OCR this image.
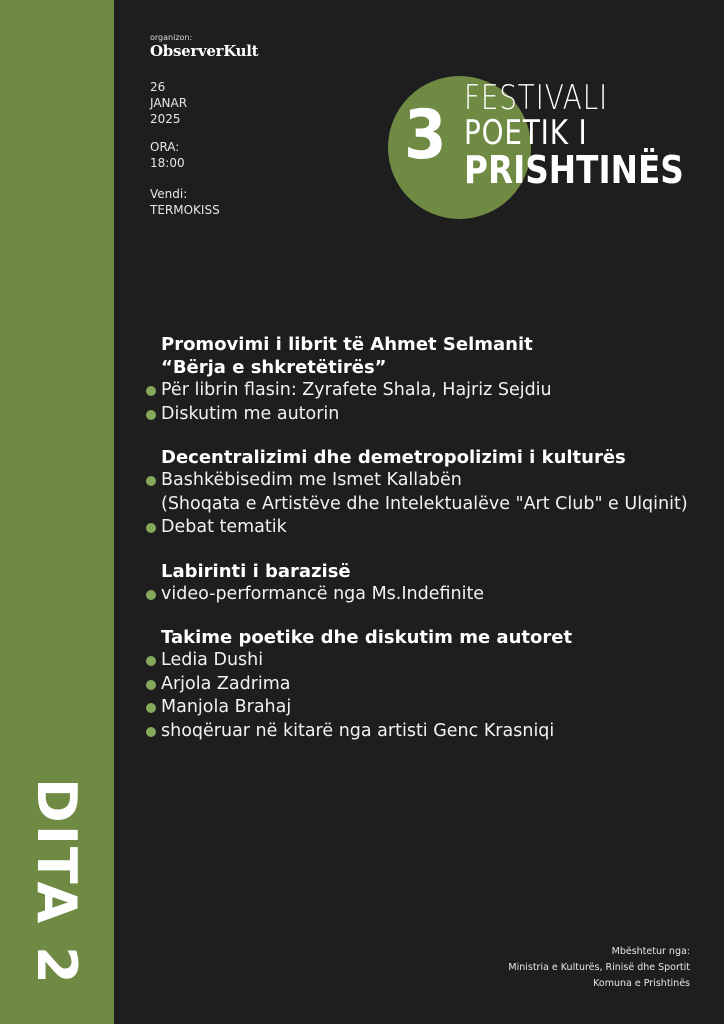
DITA 2
organizon:
ObserverKult
26
JANAR
2025
ORA:
18:00
Vendi:
TERMOKISS
3 FESTIVALI
POETIK I
PRISHTINËS
Promovimi i librit të Ahmet Selmanit
“Bërja e shkretëtirës”
Për librin flasin: Zyrafete Shala, Hajriz Sejdiu
Diskutim me autorin
Decentralizimi dhe demetropolizimi i kulturës
Bashkëbisedim me Ismet Kallabën
(Shoqata e Artistëve dhe Intelektualëve "Art Club" e Ulqinit)
Debat tematik
Labirinti i barazisë
video-performancë nga Ms.Indefinite
Takime poetike dhe diskutim me autoret
Ledia Dushi
Arjola Zadrima
Manjola Brahaj
shoqëruar në kitarë nga artisti Genc Krasniqi
Mbështetur nga:
Ministria e Kulturës, Rinisë dhe Sportit
Komuna e Prishtinës
